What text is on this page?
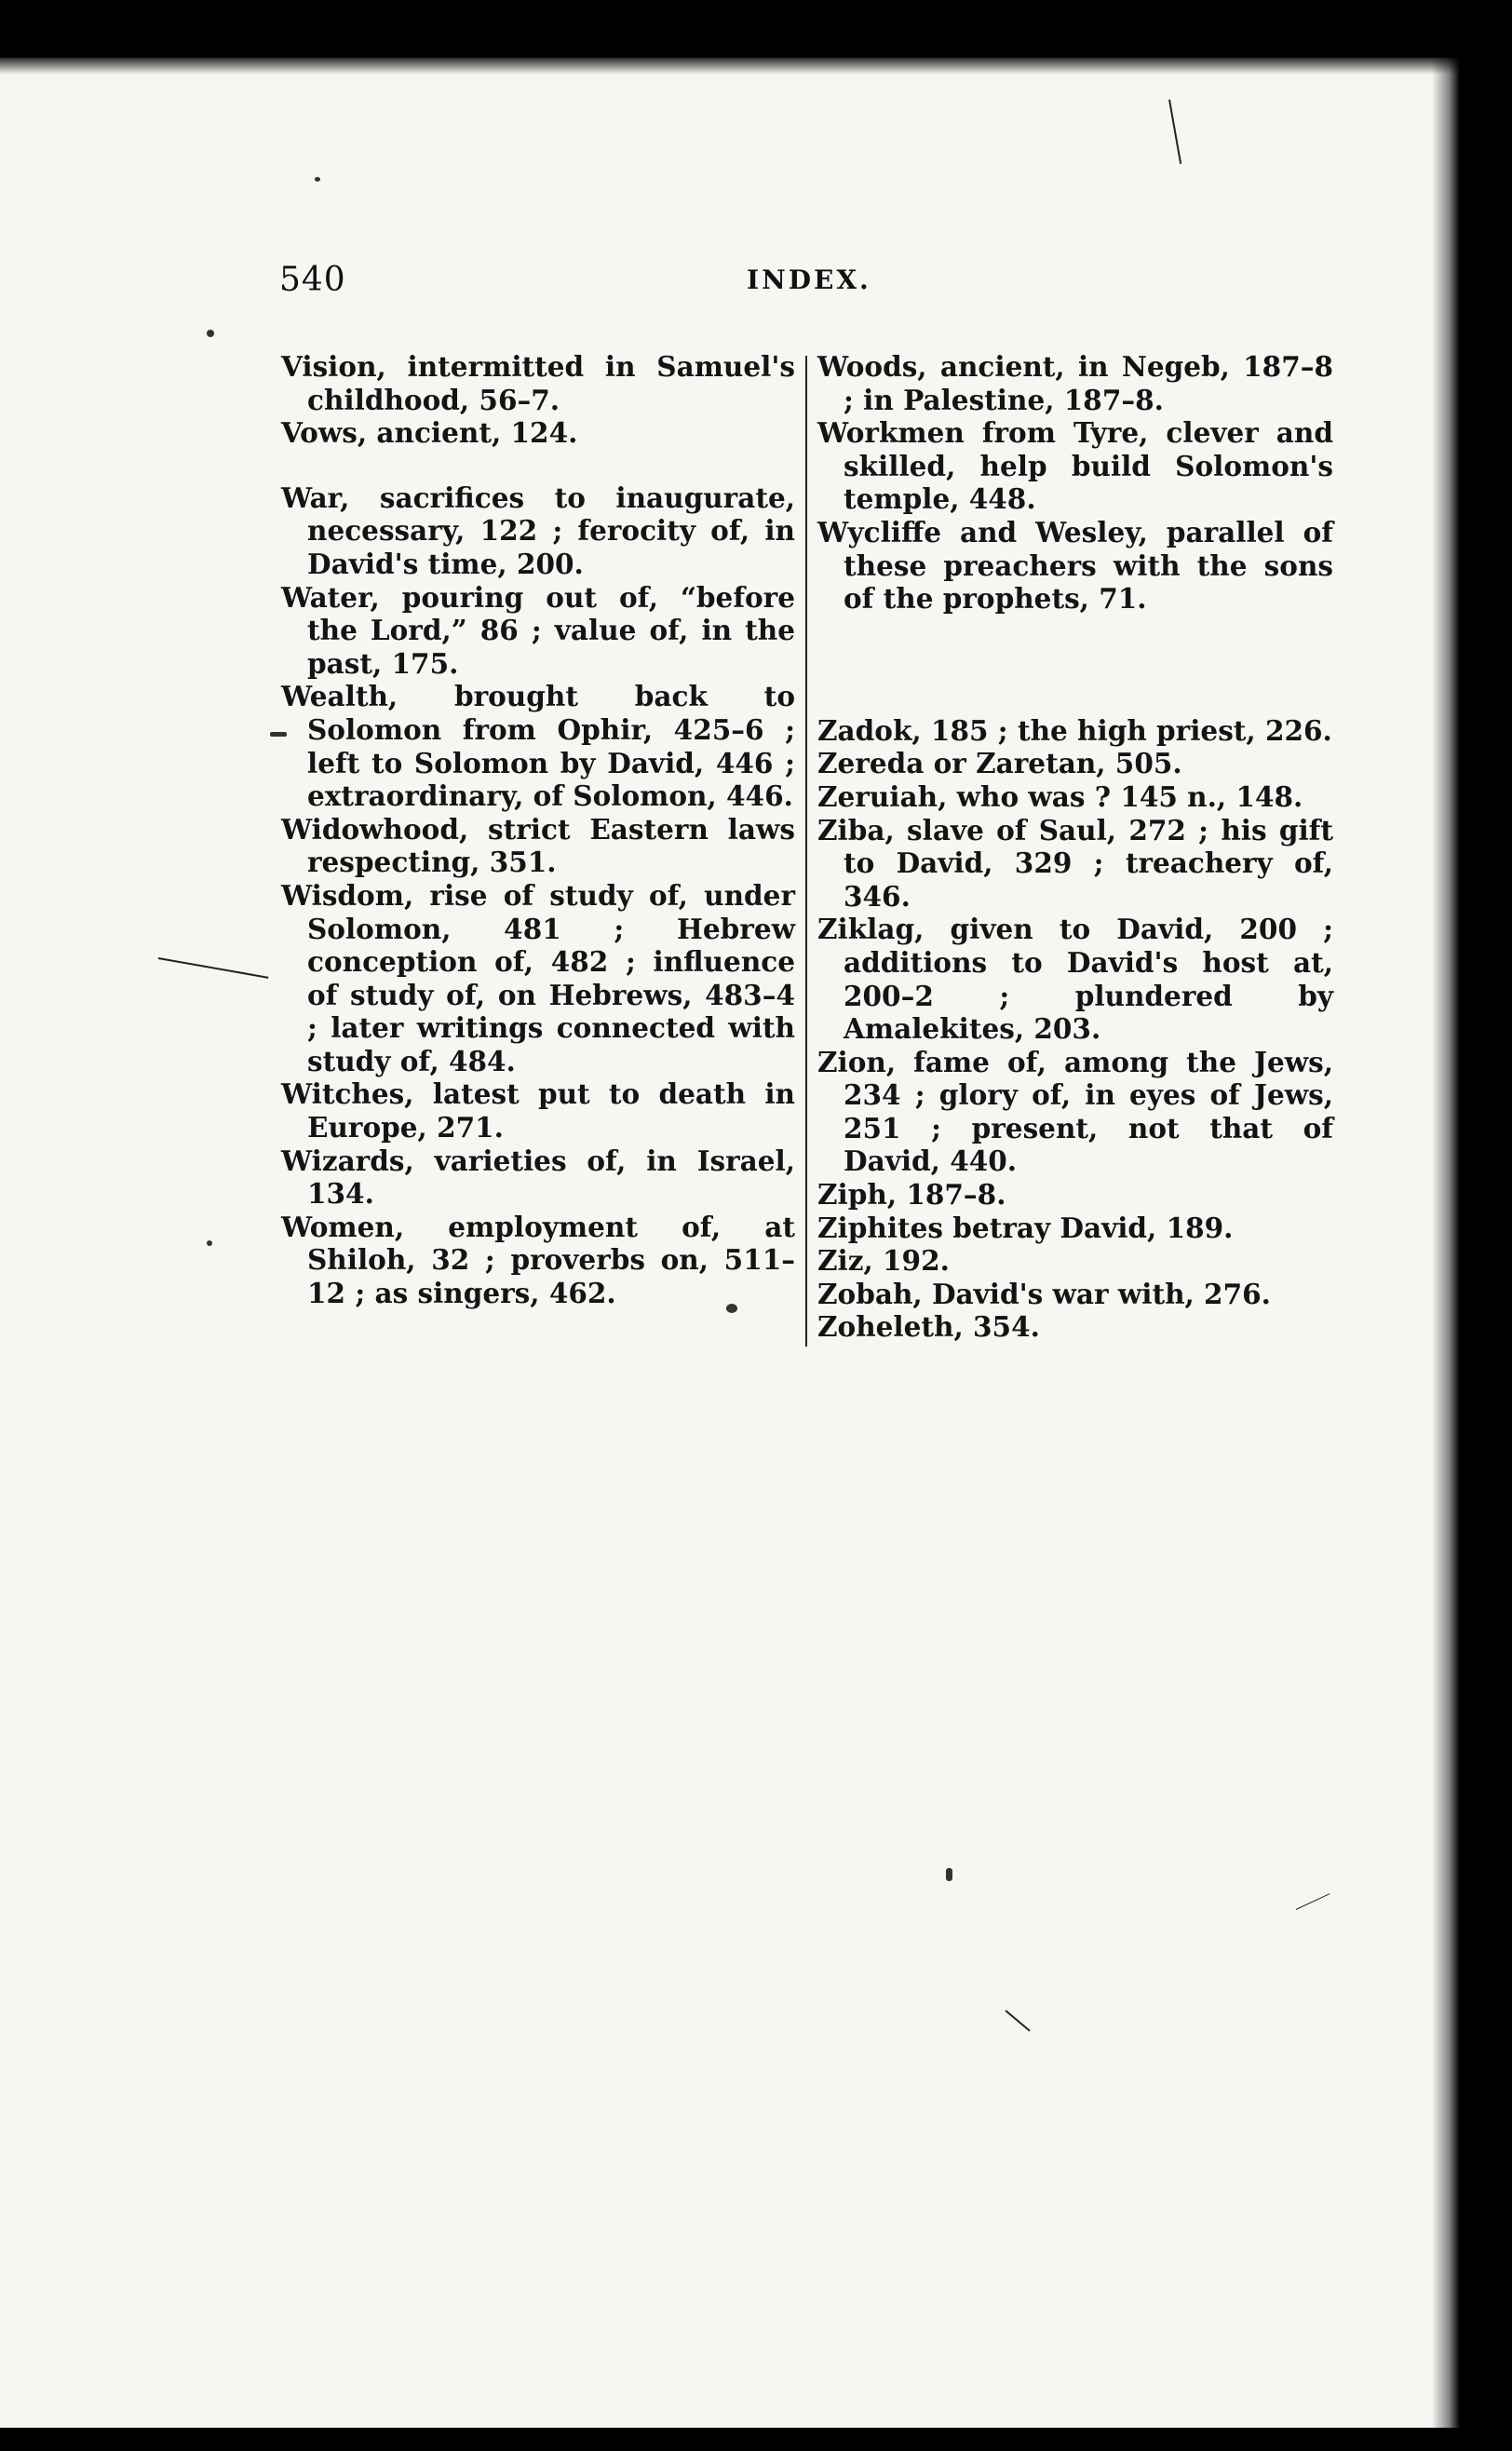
540	INDEX.

Vision, intermitted in Samuel's childhood, 56–7.

Vows, ancient, 124.

War, sacrifices to inaugurate, necessary, 122 ; ferocity of, in David's time, 200.

Water, pouring out of, “before the Lord,” 86 ; value of, in the past, 175.

Wealth, brought back to Solomon from Ophir, 425–6 ; left to Solomon by David, 446 ; extraordinary, of Solomon, 446.

Widowhood, strict Eastern laws respecting, 351.

Wisdom, rise of study of, under Solomon, 481 ; Hebrew conception of, 482 ; influence of study of, on Hebrews, 483–4 ; later writings connected with study of, 484.

Witches, latest put to death in Europe, 271.

Wizards, varieties of, in Israel, 134.

Women, employment of, at Shiloh, 32 ; proverbs on, 511–12 ; as singers, 462.

Woods, ancient, in Negeb, 187–8 ; in Palestine, 187–8.

Workmen from Tyre, clever and skilled, help build Solomon's temple, 448.

Wycliffe and Wesley, parallel of these preachers with the sons of the prophets, 71.

Zadok, 185 ; the high priest, 226.

Zereda or Zaretan, 505.

Zeruiah, who was ? 145 n., 148.

Ziba, slave of Saul, 272 ; his gift to David, 329 ; treachery of, 346.

Ziklag, given to David, 200 ; additions to David's host at, 200–2 ; plundered by Amalekites, 203.

Zion, fame of, among the Jews, 234 ; glory of, in eyes of Jews, 251 ; present, not that of David, 440.

Ziph, 187–8.

Ziphites betray David, 189.

Ziz, 192.

Zobah, David's war with, 276.

Zoheleth, 354.
